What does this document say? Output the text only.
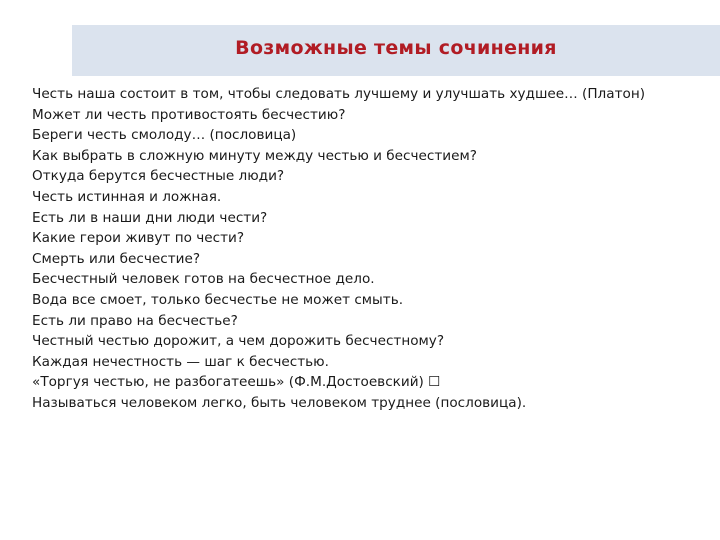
Возможные темы сочинения
Честь наша состоит в том, чтобы следовать лучшему и улучшать худшее… (Платон)
Может ли честь противостоять бесчестию?
Береги честь смолоду… (пословица)
Как выбрать в сложную минуту между честью и бесчестием?
Откуда берутся бесчестные люди?
Честь истинная и ложная.
Есть ли в наши дни люди чести?
Какие герои живут по чести?
Смерть или бесчестие?
Бесчестный человек готов на бесчестное дело.
Вода все смоет, только бесчестье не может смыть.
Есть ли право на бесчестье?
Честный честью дорожит, а чем дорожить бесчестному?
Каждая нечестность — шаг к бесчестью.
«Торгуя честью, не разбогатеешь» (Ф.М.Достоевский) ☐
Называться человеком легко, быть человеком труднее (пословица).
